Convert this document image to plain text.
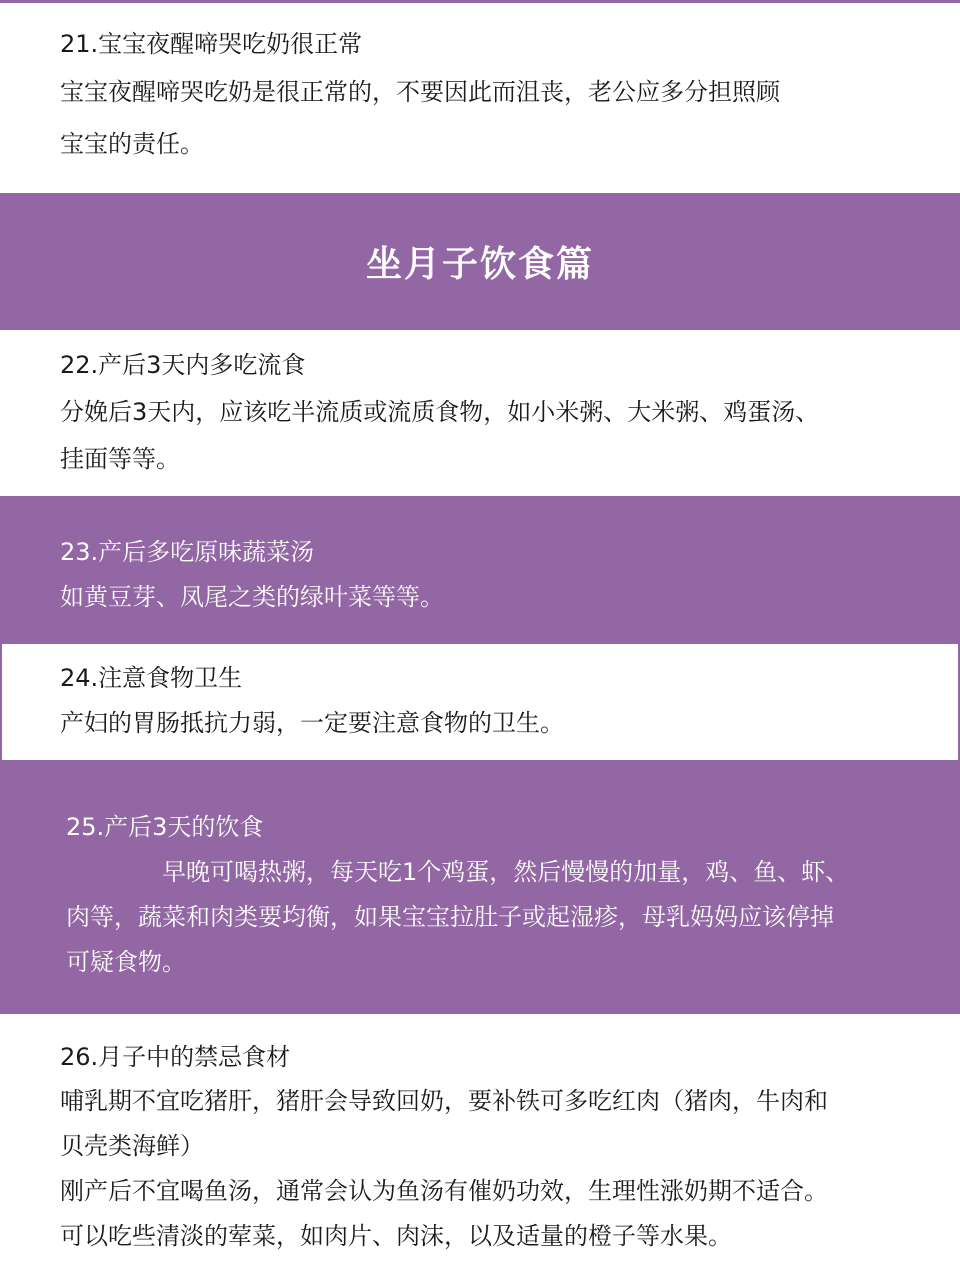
21.宝宝夜醒啼哭吃奶很正常

宝宝夜醒啼哭吃奶是很正常的，不要因此而沮丧，老公应多分担照顾

宝宝的责任。

坐月子饮食篇

22.产后3天内多吃流食

分娩后3天内，应该吃半流质或流质食物，如小米粥、大米粥、鸡蛋汤、

挂面等等。

23.产后多吃原味蔬菜汤

如黄豆芽、凤尾之类的绿叶菜等等。

24.注意食物卫生

产妇的胃肠抵抗力弱，一定要注意食物的卫生。

25.产后3天的饮食

早晚可喝热粥，每天吃1个鸡蛋，然后慢慢的加量，鸡、鱼、虾、

肉等，蔬菜和肉类要均衡，如果宝宝拉肚子或起湿疹，母乳妈妈应该停掉

可疑食物。

26.月子中的禁忌食材

哺乳期不宜吃猪肝，猪肝会导致回奶，要补铁可多吃红肉（猪肉，牛肉和

贝壳类海鲜）

刚产后不宜喝鱼汤，通常会认为鱼汤有催奶功效，生理性涨奶期不适合。

可以吃些清淡的荤菜，如肉片、肉沫，以及适量的橙子等水果。
